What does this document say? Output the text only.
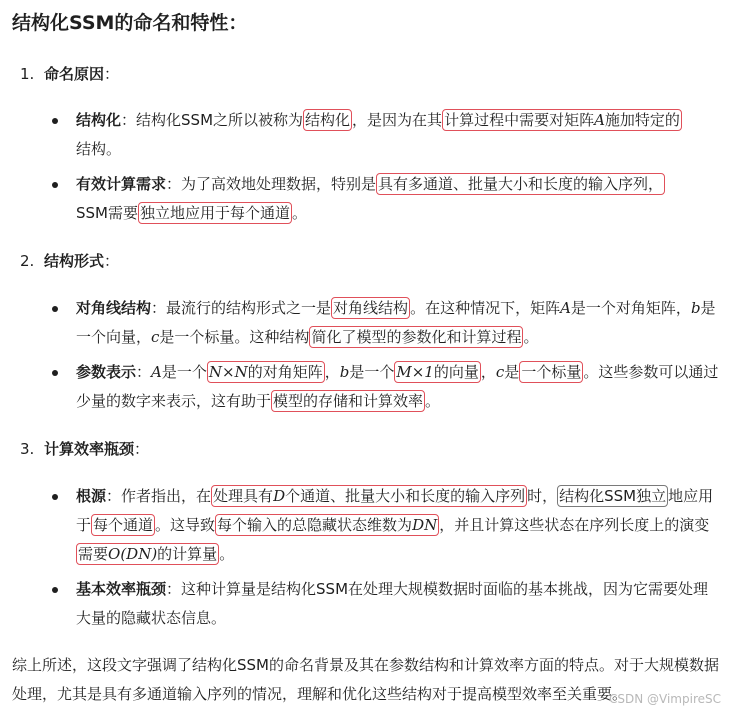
结构化SSM的命名和特性：
1. 命名原因：
结构化：结构化SSM之所以被称为 结构化 ，是因为在其 计算过程中需要对矩阵A施加特定的
结构。
有效计算需求：为了高效地处理数据，特别是 具有多通道、批量大小和长度的输入序列，
SSM需要 独立地应用于每个通道 。
2. 结构形式：
对角线结构：最流行的结构形式之一是 对角线结构 。在这种情况下，矩阵A是一个对角矩阵，b是一个向量，c是一个标量。这种结构 简化了模型的参数化和计算过程 。
参数表示：A是一个 N×N的对角矩阵 ，b是一个 M×1的向量 ，c是 一个标量 。这些参数可以通过少量的数字来表示，这有助于 模型的存储和计算效率 。
3. 计算效率瓶颈：
根源：作者指出，在 处理具有D个通道、批量大小和长度的输入序列 时， 结构化SSM独立 地应用于 每个通道 。这导致 每个输入的总隐藏状态维数为DN ，并且计算这些状态在序列长度上的演变需要O(DN)的计算量 。
基本效率瓶颈：这种计算量是结构化SSM在处理大规模数据时面临的基本挑战，因为它需要处理大量的隐藏状态信息。
综上所述，这段文字强调了结构化SSM的命名背景及其在参数结构和计算效率方面的特点。对于大规模数据处理，尤其是具有多通道输入序列的情况，理解和优化这些结构对于提高模型效率至关重要。
CSDN @VimpireSC
